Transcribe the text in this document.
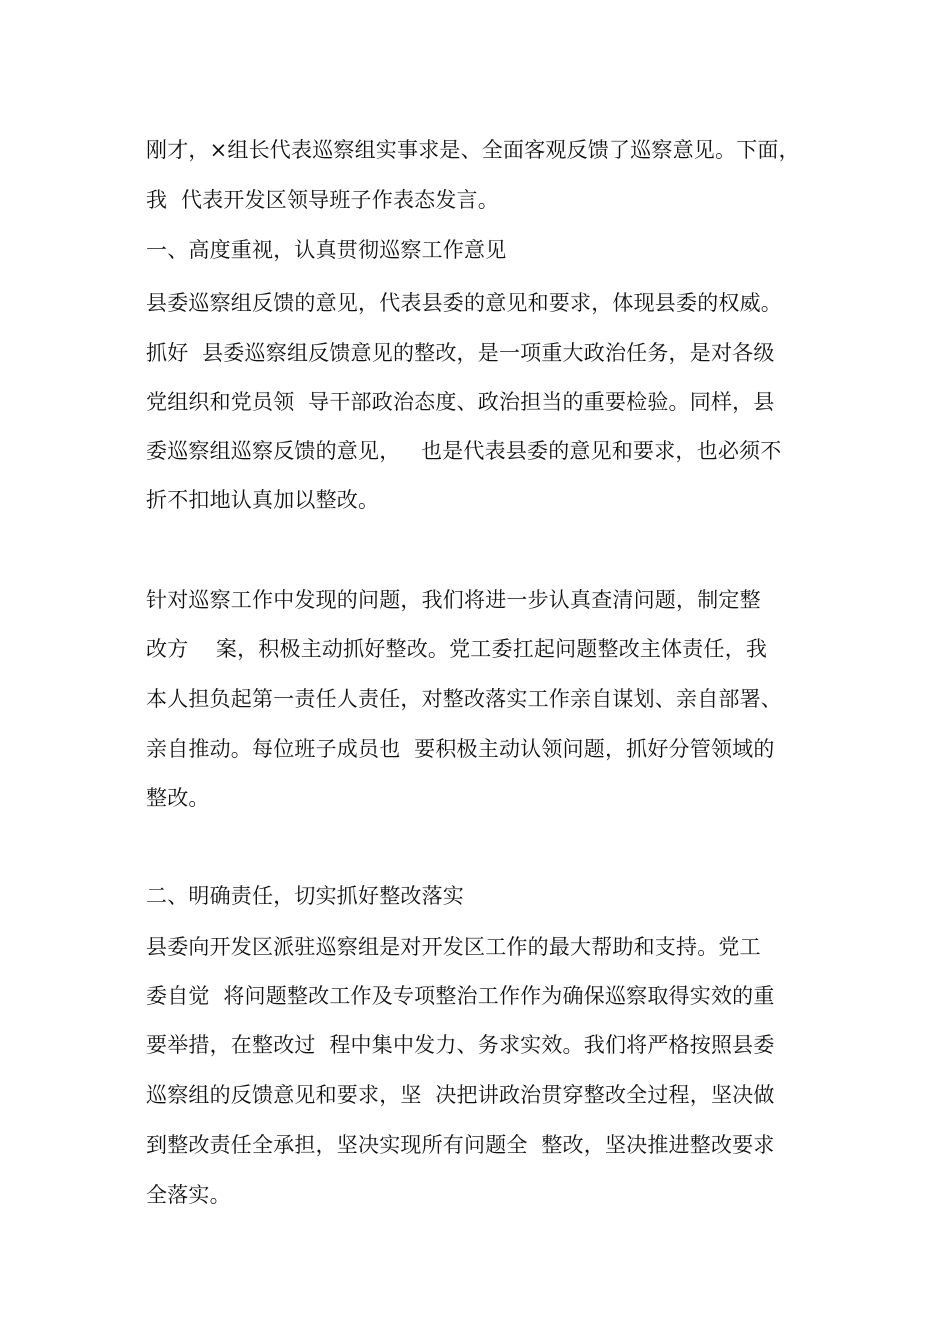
刚才，×组长代表巡察组实事求是、全面客观反馈了巡察意见。下面，

我  代表开发区领导班子作表态发言。

一、高度重视，认真贯彻巡察工作意见

县委巡察组反馈的意见，代表县委的意见和要求，体现县委的权威。

抓好  县委巡察组反馈意见的整改，是一项重大政治任务，是对各级

党组织和党员领  导干部政治态度、政治担当的重要检验。同样，县

委巡察组巡察反馈的意见，   也是代表县委的意见和要求，也必须不

折不扣地认真加以整改。

针对巡察工作中发现的问题，我们将进一步认真查清问题，制定整

改方    案，积极主动抓好整改。党工委扛起问题整改主体责任，我

本人担负起第一责任人责任，对整改落实工作亲自谋划、亲自部署、

亲自推动。每位班子成员也  要积极主动认领问题，抓好分管领域的

整改。

二、明确责任，切实抓好整改落实

县委向开发区派驻巡察组是对开发区工作的最大帮助和支持。党工

委自觉  将问题整改工作及专项整治工作作为确保巡察取得实效的重

要举措，在整改过  程中集中发力、务求实效。我们将严格按照县委

巡察组的反馈意见和要求，坚  决把讲政治贯穿整改全过程，坚决做

到整改责任全承担，坚决实现所有问题全  整改，坚决推进整改要求

全落实。
